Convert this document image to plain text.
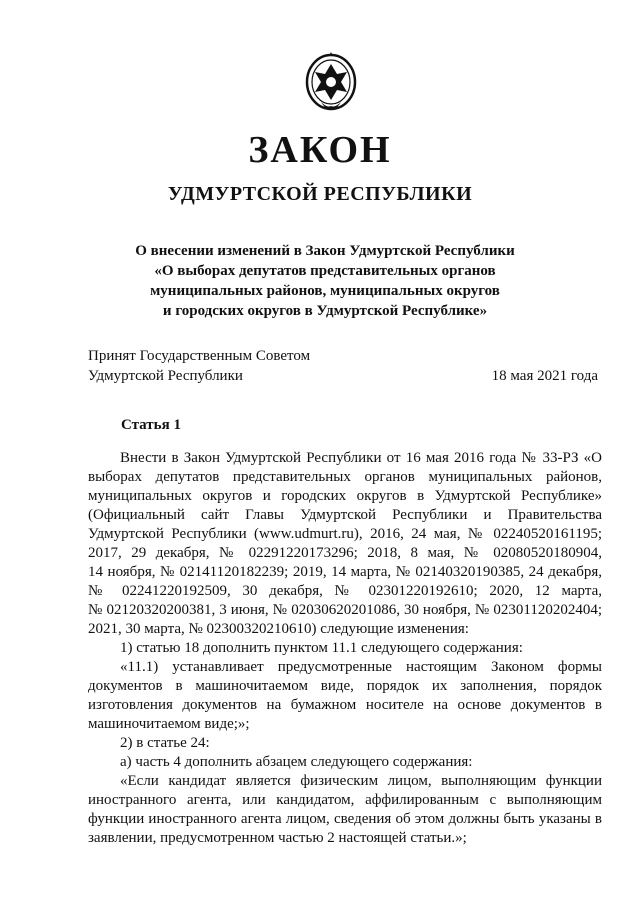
ЗАКОН
УДМУРТСКОЙ РЕСПУБЛИКИ
О внесении изменений в Закон Удмуртской Республики
«О выборах депутатов представительных органов
муниципальных районов, муниципальных округов
и городских округов в Удмуртской Республике»
Принят Государственным Советом
Удмуртской Республики	18 мая 2021 года
Статья 1
Внести в Закон Удмуртской Республики от 16 мая 2016 года № 33-РЗ «О
выборах депутатов представительных органов муниципальных районов,
муниципальных округов и городских округов в Удмуртской Республике»
(Официальный сайт Главы Удмуртской Республики и Правительства
Удмуртской Республики (www.udmurt.ru), 2016, 24 мая, № 02240520161195;
2017, 29 декабря, № 02291220173296; 2018, 8 мая, № 02080520180904,
14 ноября, № 02141120182239; 2019, 14 марта, № 02140320190385, 24 декабря,
№ 02241220192509, 30 декабря, № 02301220192610; 2020, 12 марта,
№ 02120320200381, 3 июня, № 02030620201086, 30 ноября, № 02301120202404;
2021, 30 марта, № 02300320210610) следующие изменения:
1) статью 18 дополнить пунктом 11.1 следующего содержания:
«11.1) устанавливает предусмотренные настоящим Законом формы
документов в машиночитаемом виде, порядок их заполнения, порядок
изготовления документов на бумажном носителе на основе документов в
машиночитаемом виде;»;
2) в статье 24:
а) часть 4 дополнить абзацем следующего содержания:
«Если кандидат является физическим лицом, выполняющим функции
иностранного агента, или кандидатом, аффилированным с выполняющим
функции иностранного агента лицом, сведения об этом должны быть указаны в
заявлении, предусмотренном частью 2 настоящей статьи.»;
